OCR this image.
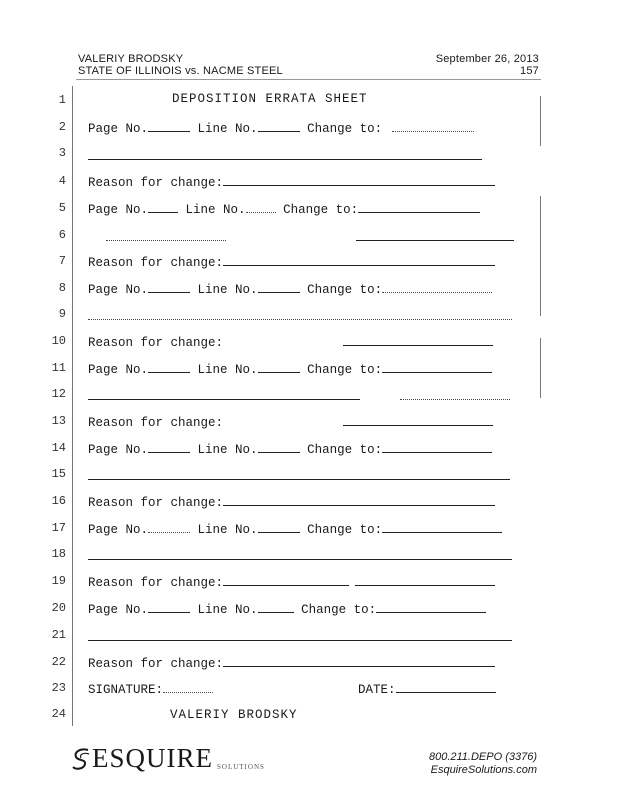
VALERIY BRODSKY
STATE OF ILLINOIS vs. NACME STEEL
September 26, 2013
157
1
2
3
4
5
6
7
8
9
10
11
12
13
14
15
16
17
18
19
20
21
22
23
24
DEPOSITION ERRATA SHEET
Page No.	Line No.	Change to:
Reason for change:
Page No.	Line No.	Change to:
Reason for change:
Page No.	Line No.	Change to:
Reason for change:
Page No.	Line No.	Change to:
Reason for change:
Page No.	Line No.	Change to:
Reason for change:
Page No.	Line No.	Change to:
Reason for change:
Page No.	Line No.	Change to:
Reason for change:
SIGNATURE:	DATE:
VALERIY BRODSKY
ESQUIRE SOLUTIONS
800.211.DEPO (3376)
EsquireSolutions.com
